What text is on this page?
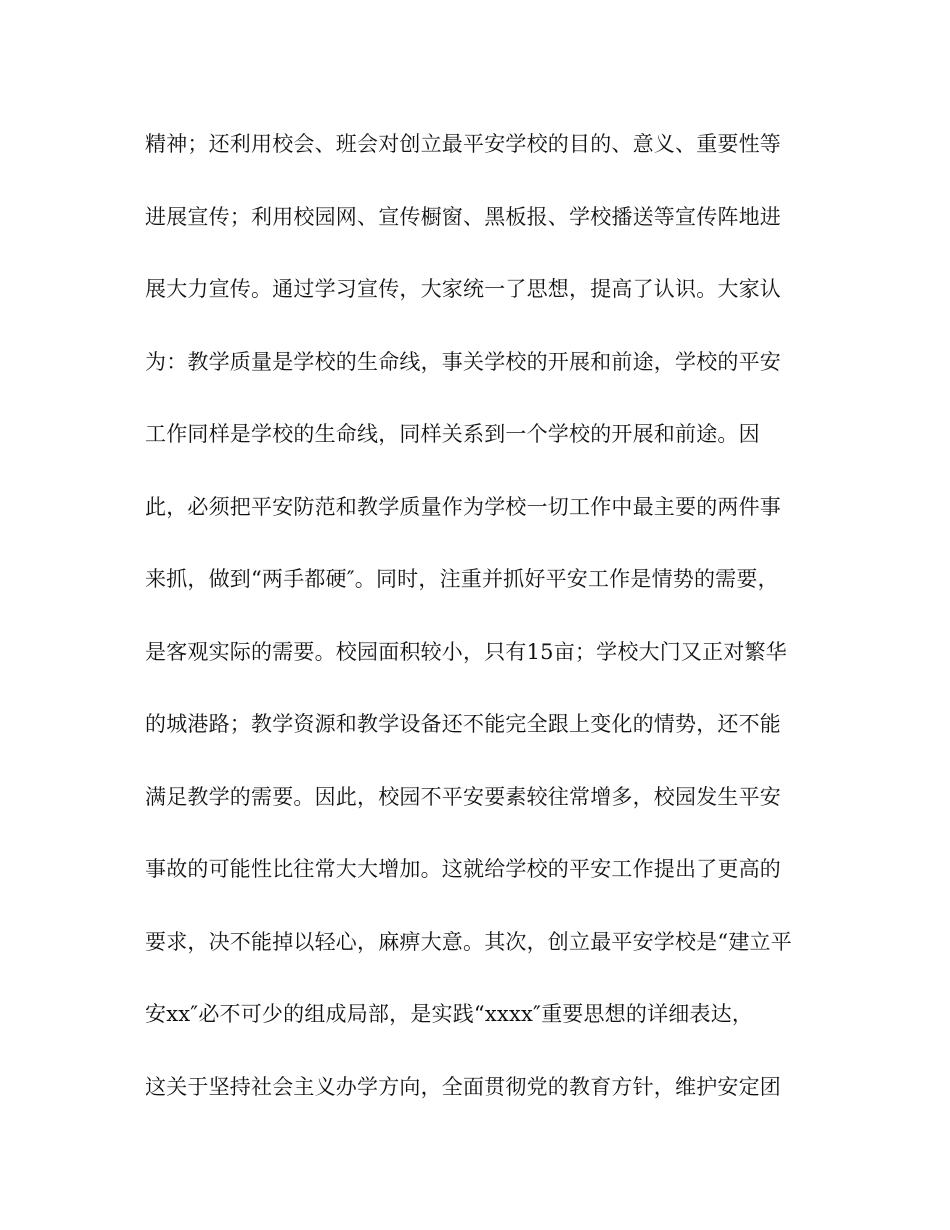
精神；还利用校会、班会对创立最平安学校的目的、意义、重要性等
进展宣传；利用校园网、宣传橱窗、黑板报、学校播送等宣传阵地进
展大力宣传。通过学习宣传，大家统一了思想，提高了认识。大家认
为：教学质量是学校的生命线，事关学校的开展和前途，学校的平安
工作同样是学校的生命线，同样关系到一个学校的开展和前途。因
此，必须把平安防范和教学质量作为学校一切工作中最主要的两件事
来抓，做到“两手都硬″。同时，注重并抓好平安工作是情势的需要，
是客观实际的需要。校园面积较小，只有15亩；学校大门又正对繁华
的城港路；教学资源和教学设备还不能完全跟上变化的情势，还不能
满足教学的需要。因此，校园不平安要素较往常增多，校园发生平安
事故的可能性比往常大大增加。这就给学校的平安工作提出了更高的
要求，决不能掉以轻心，麻痹大意。其次，创立最平安学校是“建立平
安xx″必不可少的组成局部，是实践“xxxx″重要思想的详细表达，
这关于坚持社会主义办学方向，全面贯彻党的教育方针，维护安定团
